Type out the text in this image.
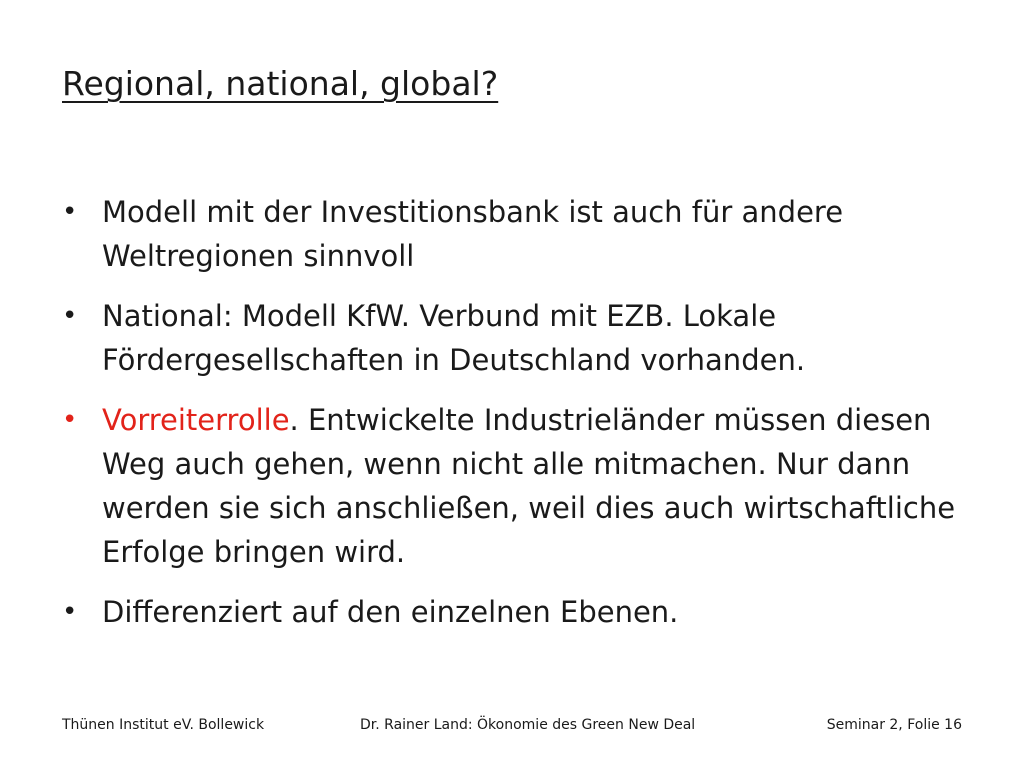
Regional, national, global?
• Modell mit der Investitionsbank ist auch für andere Weltregionen sinnvoll
• National: Modell KfW. Verbund mit EZB. Lokale Fördergesellschaften in Deutschland vorhanden.
• Vorreiterrolle. Entwickelte Industrieländer müssen diesen Weg auch gehen, wenn nicht alle mitmachen. Nur dann werden sie sich anschließen, weil dies auch wirtschaftliche Erfolge bringen wird.
• Differenziert auf den einzelnen Ebenen.
Thünen Institut eV. Bollewick	Dr. Rainer Land: Ökonomie des Green New Deal	Seminar 2, Folie 16
